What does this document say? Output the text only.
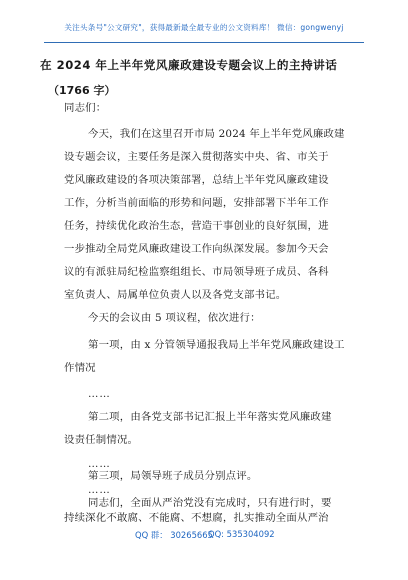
关注头条号"公文研究"，获得最新最全最专业的公文资料库！ 微信：gongwenyj
在 2024 年上半年党风廉政建设专题会议上的主持讲话
（1766 字）
同志们：
今天，我们在这里召开市局 2024 年上半年党风廉政建
设专题会议，主要任务是深入贯彻落实中央、省、市关于
党风廉政建设的各项决策部署，总结上半年党风廉政建设
工作，分析当前面临的形势和问题，安排部署下半年工作
任务，持续优化政治生态，营造干事创业的良好氛围，进
一步推动全局党风廉政建设工作向纵深发展。参加今天会
议的有派驻局纪检监察组组长、市局领导班子成员、各科
室负责人、局属单位负责人以及各党支部书记。
今天的会议由 5 项议程，依次进行：
第一项，由 x 分管领导通报我局上半年党风廉政建设工
作情况
……
第二项，由各党支部书记汇报上半年落实党风廉政建
设责任制情况。
……
第三项，局领导班子成员分别点评。
……
同志们，全面从严治党没有完成时，只有进行时，要
持续深化不敢腐、不能腐、不想腐，扎实推动全面从严治
QQ 群： 30265665
QQ: 535304092
